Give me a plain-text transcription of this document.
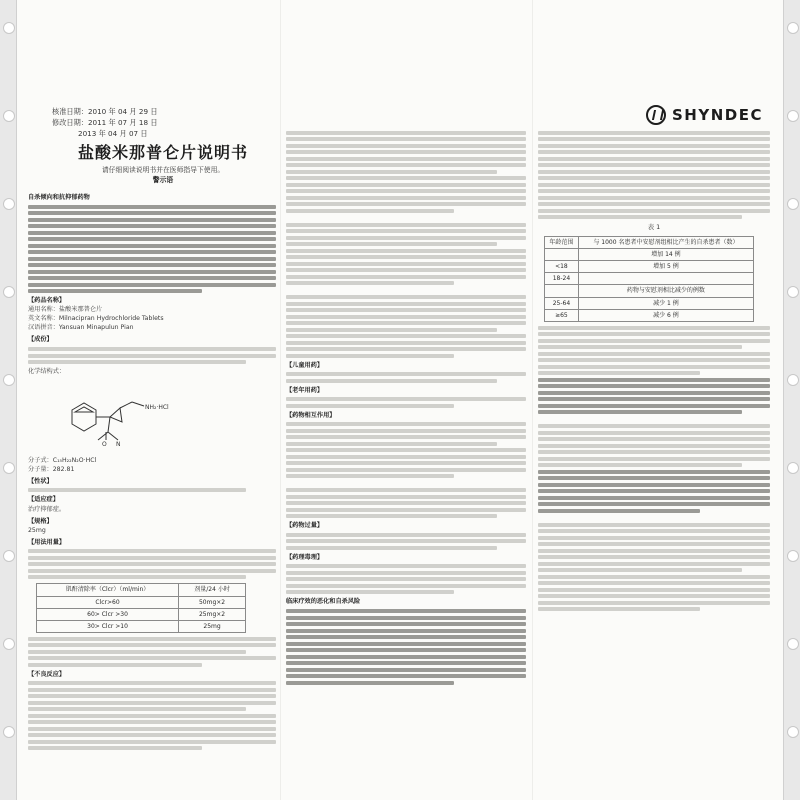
核准日期：2010 年 04 月 29 日
修改日期：2011 年 07 月 18 日
2013 年 04 月 07 日
SHYNDEC
盐酸米那普仑片说明书
请仔细阅读说明书并在医师指导下使用。
警示语
自杀倾向和抗抑郁药物
【药品名称】
通用名称：盐酸米那普仑片
英文名称：Milnacipran Hydrochloride Tablets
汉语拼音：Yansuan Minapulun Pian
【成份】
化学结构式：
NH₂·HCl
O N
分子式：C₁₅H₂₂N₂O·HCl
分子量：282.81
【性状】
【适应症】
治疗抑郁症。
【规格】
25mg
【用法用量】
肌酐清除率（Clcr）（ml/min）	剂量/24 小时
Clcr>60	50mg×2
60> Clcr >30	25mg×2
30> Clcr >10	25mg
【不良反应】
【儿童用药】
【老年用药】
【药物相互作用】
【药物过量】
【药理毒理】
临床疗效的恶化和自杀风险
表 1
年龄范围	与 1000 名患者中安慰剂组相比产生的自杀患者（数）
	增加 14 例
<18	增加 5 例
18-24	
	药物与安慰剂相比减少的例数
25-64	减少 1 例
≥65	减少 6 例
